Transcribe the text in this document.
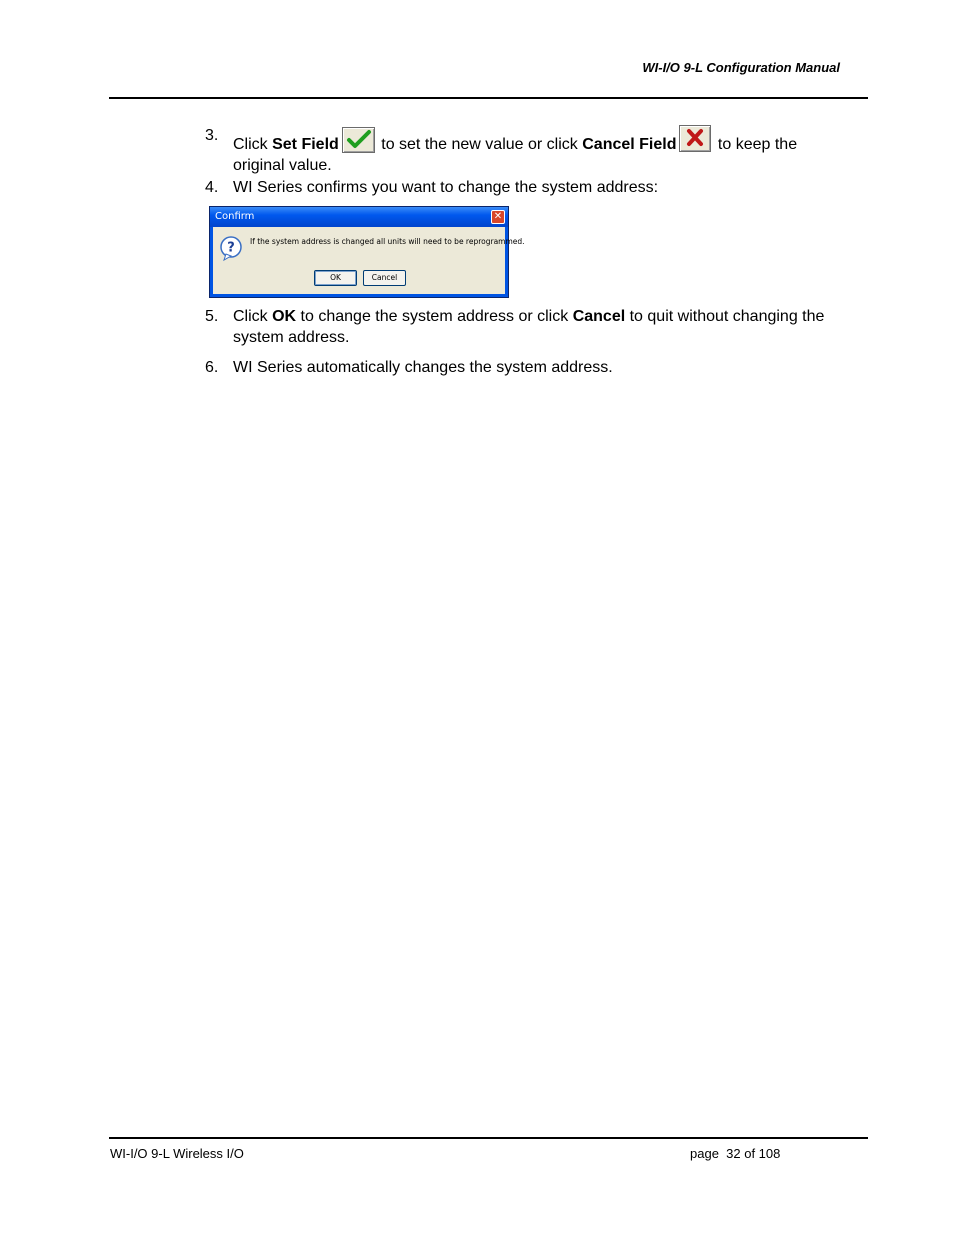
WI-I/O 9-L Configuration Manual
3.
Click Set Field
to set the new value or click Cancel Field
to keep the original value.
4. WI Series confirms you want to change the system address:
Confirm	✕
? If the system address is changed all units will need to be reprogrammed.
OK	Cancel
5. Click OK to change the system address or click Cancel to quit without changing the system address.
6. WI Series automatically changes the system address.
WI-I/O 9-L Wireless I/O	page  32 of 108
